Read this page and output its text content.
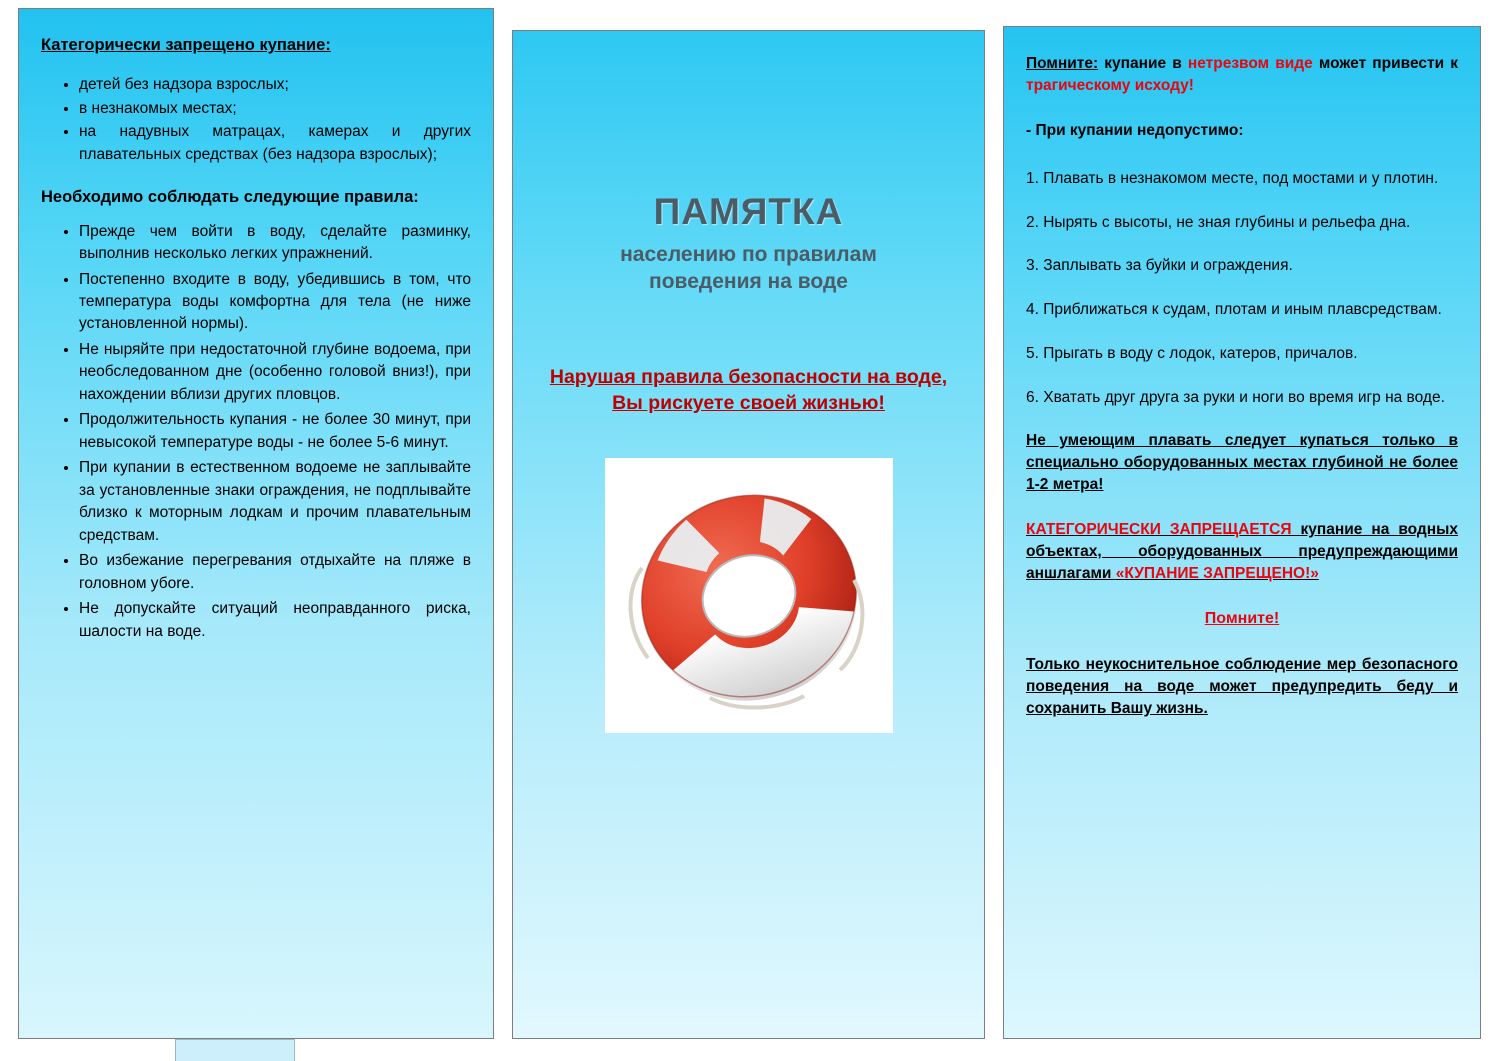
Категорически запрещено купание:
• детей без надзора взрослых;
• в незнакомых местах;
• на надувных матрацах, камерах и других плавательных средствах (без надзора взрослых);
Необходимо соблюдать следующие правила:
• Прежде чем войти в воду, сделайте разминку, выполнив несколько легких упражнений.
• Постепенно входите в воду, убедившись в том, что температура воды комфортна для тела (не ниже установленной нормы).
• Не ныряйте при недостаточной глубине водоема, при необследованном дне (особенно головой вниз!), при нахождении вблизи других пловцов.
• Продолжительность купания - не более 30 минут, при невысокой температуре воды - не более 5-6 минут.
• При купании в естественном водоеме не заплывайте за установленные знаки ограждения, не подплывайте близко к моторным лодкам и прочим плавательным средствам.
• Во избежание перегревания отдыхайте на пляже в головном убore.
• Не допускайте ситуаций неоправданного риска, шалости на воде.
ПАМЯТКА
населению по правилам
поведения на воде
Нарушая правила безопасности на воде,
Вы рискуете своей жизнью!
Помните: купание в нетрезвом виде может привести к трагическому исходу!
- При купании недопустимо:
1. Плавать в незнакомом месте, под мостами и у плотин.
2. Нырять с высоты, не зная глубины и рельефа дна.
3. Заплывать за буйки и ограждения.
4. Приближаться к судам, плотам и иным плавсредствам.
5. Прыгать в воду с лодок, катеров, причалов.
6. Хватать друг друга за руки и ноги во время игр на воде.
Не умеющим плавать следует купаться только в специально оборудованных местах глубиной не более 1-2 метра!
КАТЕГОРИЧЕСКИ ЗАПРЕЩАЕТСЯ купание на водных объектах, оборудованных предупреждающими аншлагами «КУПАНИЕ ЗАПРЕЩЕНО!»
Помните!
Только неукоснительное соблюдение мер безопасного поведения на воде может предупредить беду и сохранить Вашу жизнь.
